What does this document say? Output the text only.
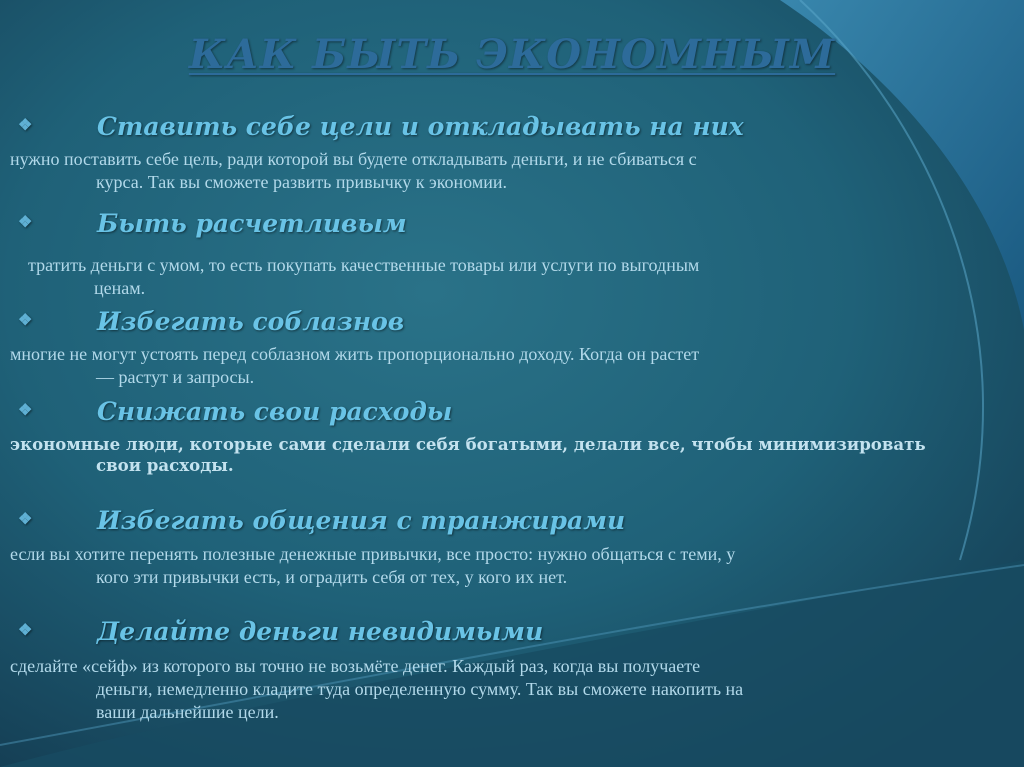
КАК БЫТЬ ЭКОНОМНЫМ
❖	Ставить себе цели и откладывать на них
нужно поставить себе цель, ради которой вы будете откладывать деньги, и не сбиваться с
курса. Так вы сможете развить привычку к экономии.
❖	Быть расчетливым
тратить деньги с умом, то есть покупать качественные товары или услуги по выгодным
ценам.
❖	Избегать соблазнов
многие не могут устоять перед соблазном жить пропорционально доходу. Когда он растет
— растут и запросы.
❖	Снижать свои расходы
экономные люди, которые сами сделали себя богатыми, делали все, чтобы минимизировать
свои расходы.
❖	Избегать общения с транжирами
если вы хотите перенять полезные денежные привычки, все просто: нужно общаться с теми, у
кого эти привычки есть, и оградить себя от тех, у кого их нет.
❖	Делайте деньги невидимыми
сделайте «сейф» из которого вы точно не возьмёте денег. Каждый раз, когда вы получаете
деньги, немедленно кладите туда определенную сумму. Так вы сможете накопить на
ваши дальнейшие цели.
